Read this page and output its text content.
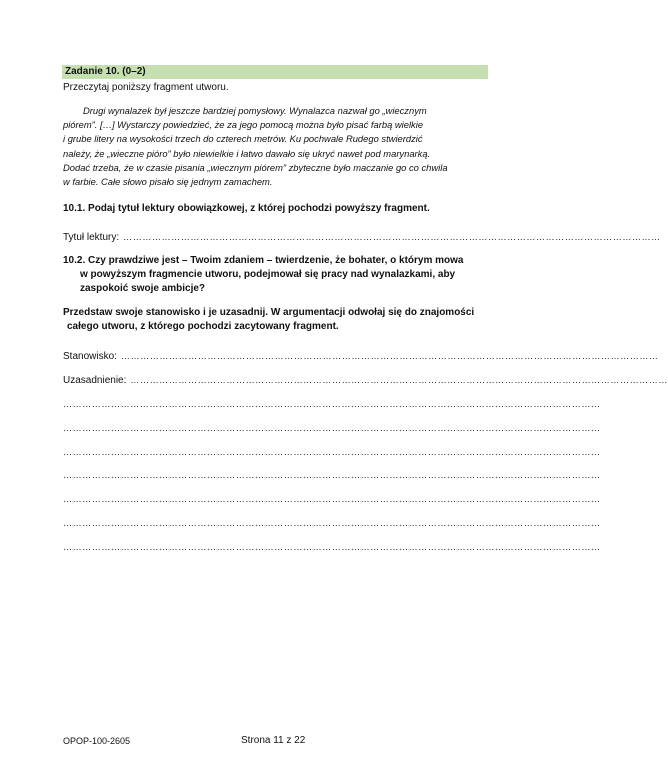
Zadanie 10. (0–2)
Przeczytaj poniższy fragment utworu.

Drugi wynalazek był jeszcze bardziej pomysłowy. Wynalazca nazwał go „wiecznym

piórem”. […] Wystarczy powiedzieć, że za jego pomocą można było pisać farbą wielkie

i grube litery na wysokości trzech do czterech metrów. Ku pochwale Rudego stwierdzić

należy, że „wieczne pióro” było niewielkie i łatwo dawało się ukryć nawet pod marynarką.

Dodać trzeba, że w czasie pisania „wiecznym piórem” zbyteczne było maczanie go co chwila

w farbie. Całe słowo pisało się jednym zamachem.

10.1. Podaj tytuł lektury obowiązkowej, z której pochodzi powyższy fragment.
Tytuł lektury: ……………………………………………………………………………………………………………………………………………………
10.2. Czy prawdziwe jest – Twoim zdaniem – twierdzenie, że bohater, o którym mowa
w powyższym fragmencie utworu, podejmował się pracy nad wynalazkami, aby
zaspokoić swoje ambicje?
Przedstaw swoje stanowisko i je uzasadnij. W argumentacji odwołaj się do znajomości
całego utworu, z którego pochodzi zacytowany fragment.
Stanowisko: ……………………………………………………………………………………………………………………………………………………
Uzasadnienie: ……………………………………………………………………………………………………………………………………………………
……………………………………………………………………………………………………………………………………………………
……………………………………………………………………………………………………………………………………………………
……………………………………………………………………………………………………………………………………………………
……………………………………………………………………………………………………………………………………………………
……………………………………………………………………………………………………………………………………………………
……………………………………………………………………………………………………………………………………………………
……………………………………………………………………………………………………………………………………………………
OPOP-100-2605	Strona 11 z 22
